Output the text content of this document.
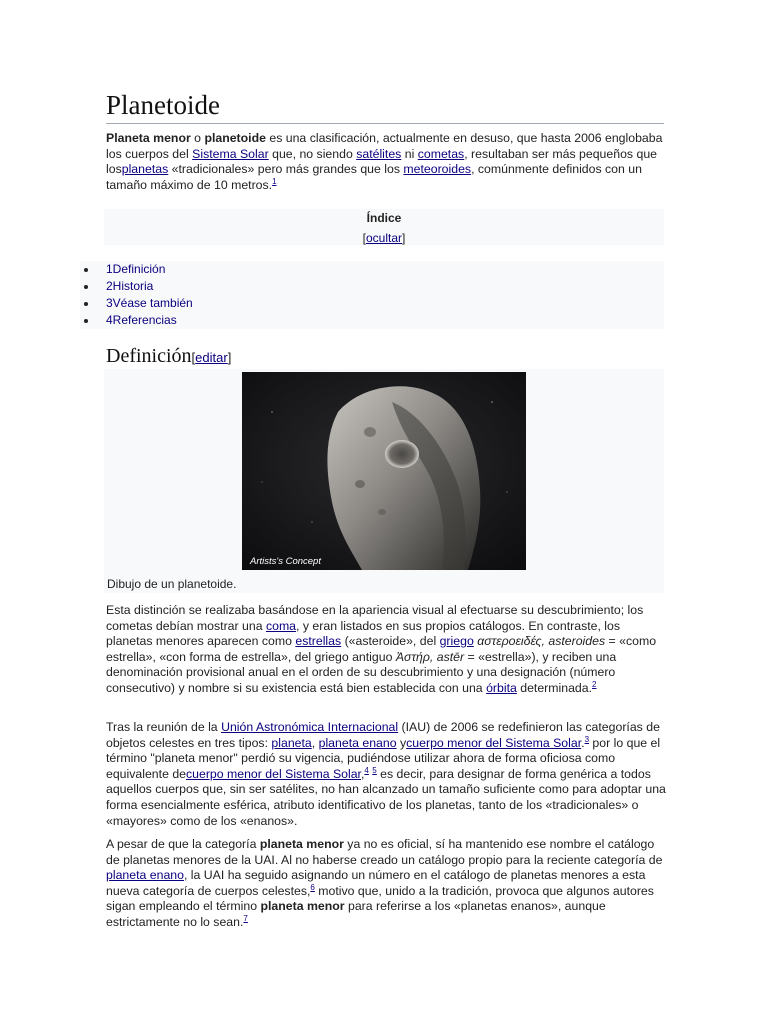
Planetoide

Planeta menor o planetoide es una clasificación, actualmente en desuso, que hasta 2006 englobaba los cuerpos del Sistema Solar que, no siendo satélites ni cometas, resultaban ser más pequeños que losplanetas «tradicionales» pero más grandes que los meteoroides, comúnmente definidos con un tamaño máximo de 10 metros.$^1$

Índice
[ocultar]
1Definición
2Historia
3Véase también
4Referencias
Definición[editar]
Artists's Concept
Dibujo de un planetoide.

Esta distinción se realizaba basándose en la apariencia visual al efectuarse su descubrimiento; los cometas debían mostrar una coma, y eran listados en sus propios catálogos. En contraste, los planetas menores aparecen como estrellas («asteroide», del griego αστεροειδές, asteroides = «como estrella», «con forma de estrella», del griego antiguo Ἀστήρ, astēr = «estrella»), y reciben una denominación provisional anual en el orden de su descubrimiento y una designación (número consecutivo) y nombre si su existencia está bien establecida con una órbita determinada.$^2$

Tras la reunión de la Unión Astronómica Internacional (IAU) de 2006 se redefinieron las categorías de objetos celestes en tres tipos: planeta, planeta enano ycuerpo menor del Sistema Solar.$^3$ por lo que el término "planeta menor" perdió su vigencia, pudiéndose utilizar ahora de forma oficiosa como equivalente decuerpo menor del Sistema Solar,$^4$ $^5$ es decir, para designar de forma genérica a todos aquellos cuerpos que, sin ser satélites, no han alcanzado un tamaño suficiente como para adoptar una forma esencialmente esférica, atributo identificativo de los planetas, tanto de los «tradicionales» o «mayores» como de los «enanos».

A pesar de que la categoría planeta menor ya no es oficial, sí ha mantenido ese nombre el catálogo de planetas menores de la UAI. Al no haberse creado un catálogo propio para la reciente categoría de planeta enano, la UAI ha seguido asignando un número en el catálogo de planetas menores a esta nueva categoría de cuerpos celestes,$^6$ motivo que, unido a la tradición, provoca que algunos autores sigan empleando el término planeta menor para referirse a los «planetas enanos», aunque estrictamente no lo sean.$^7$
